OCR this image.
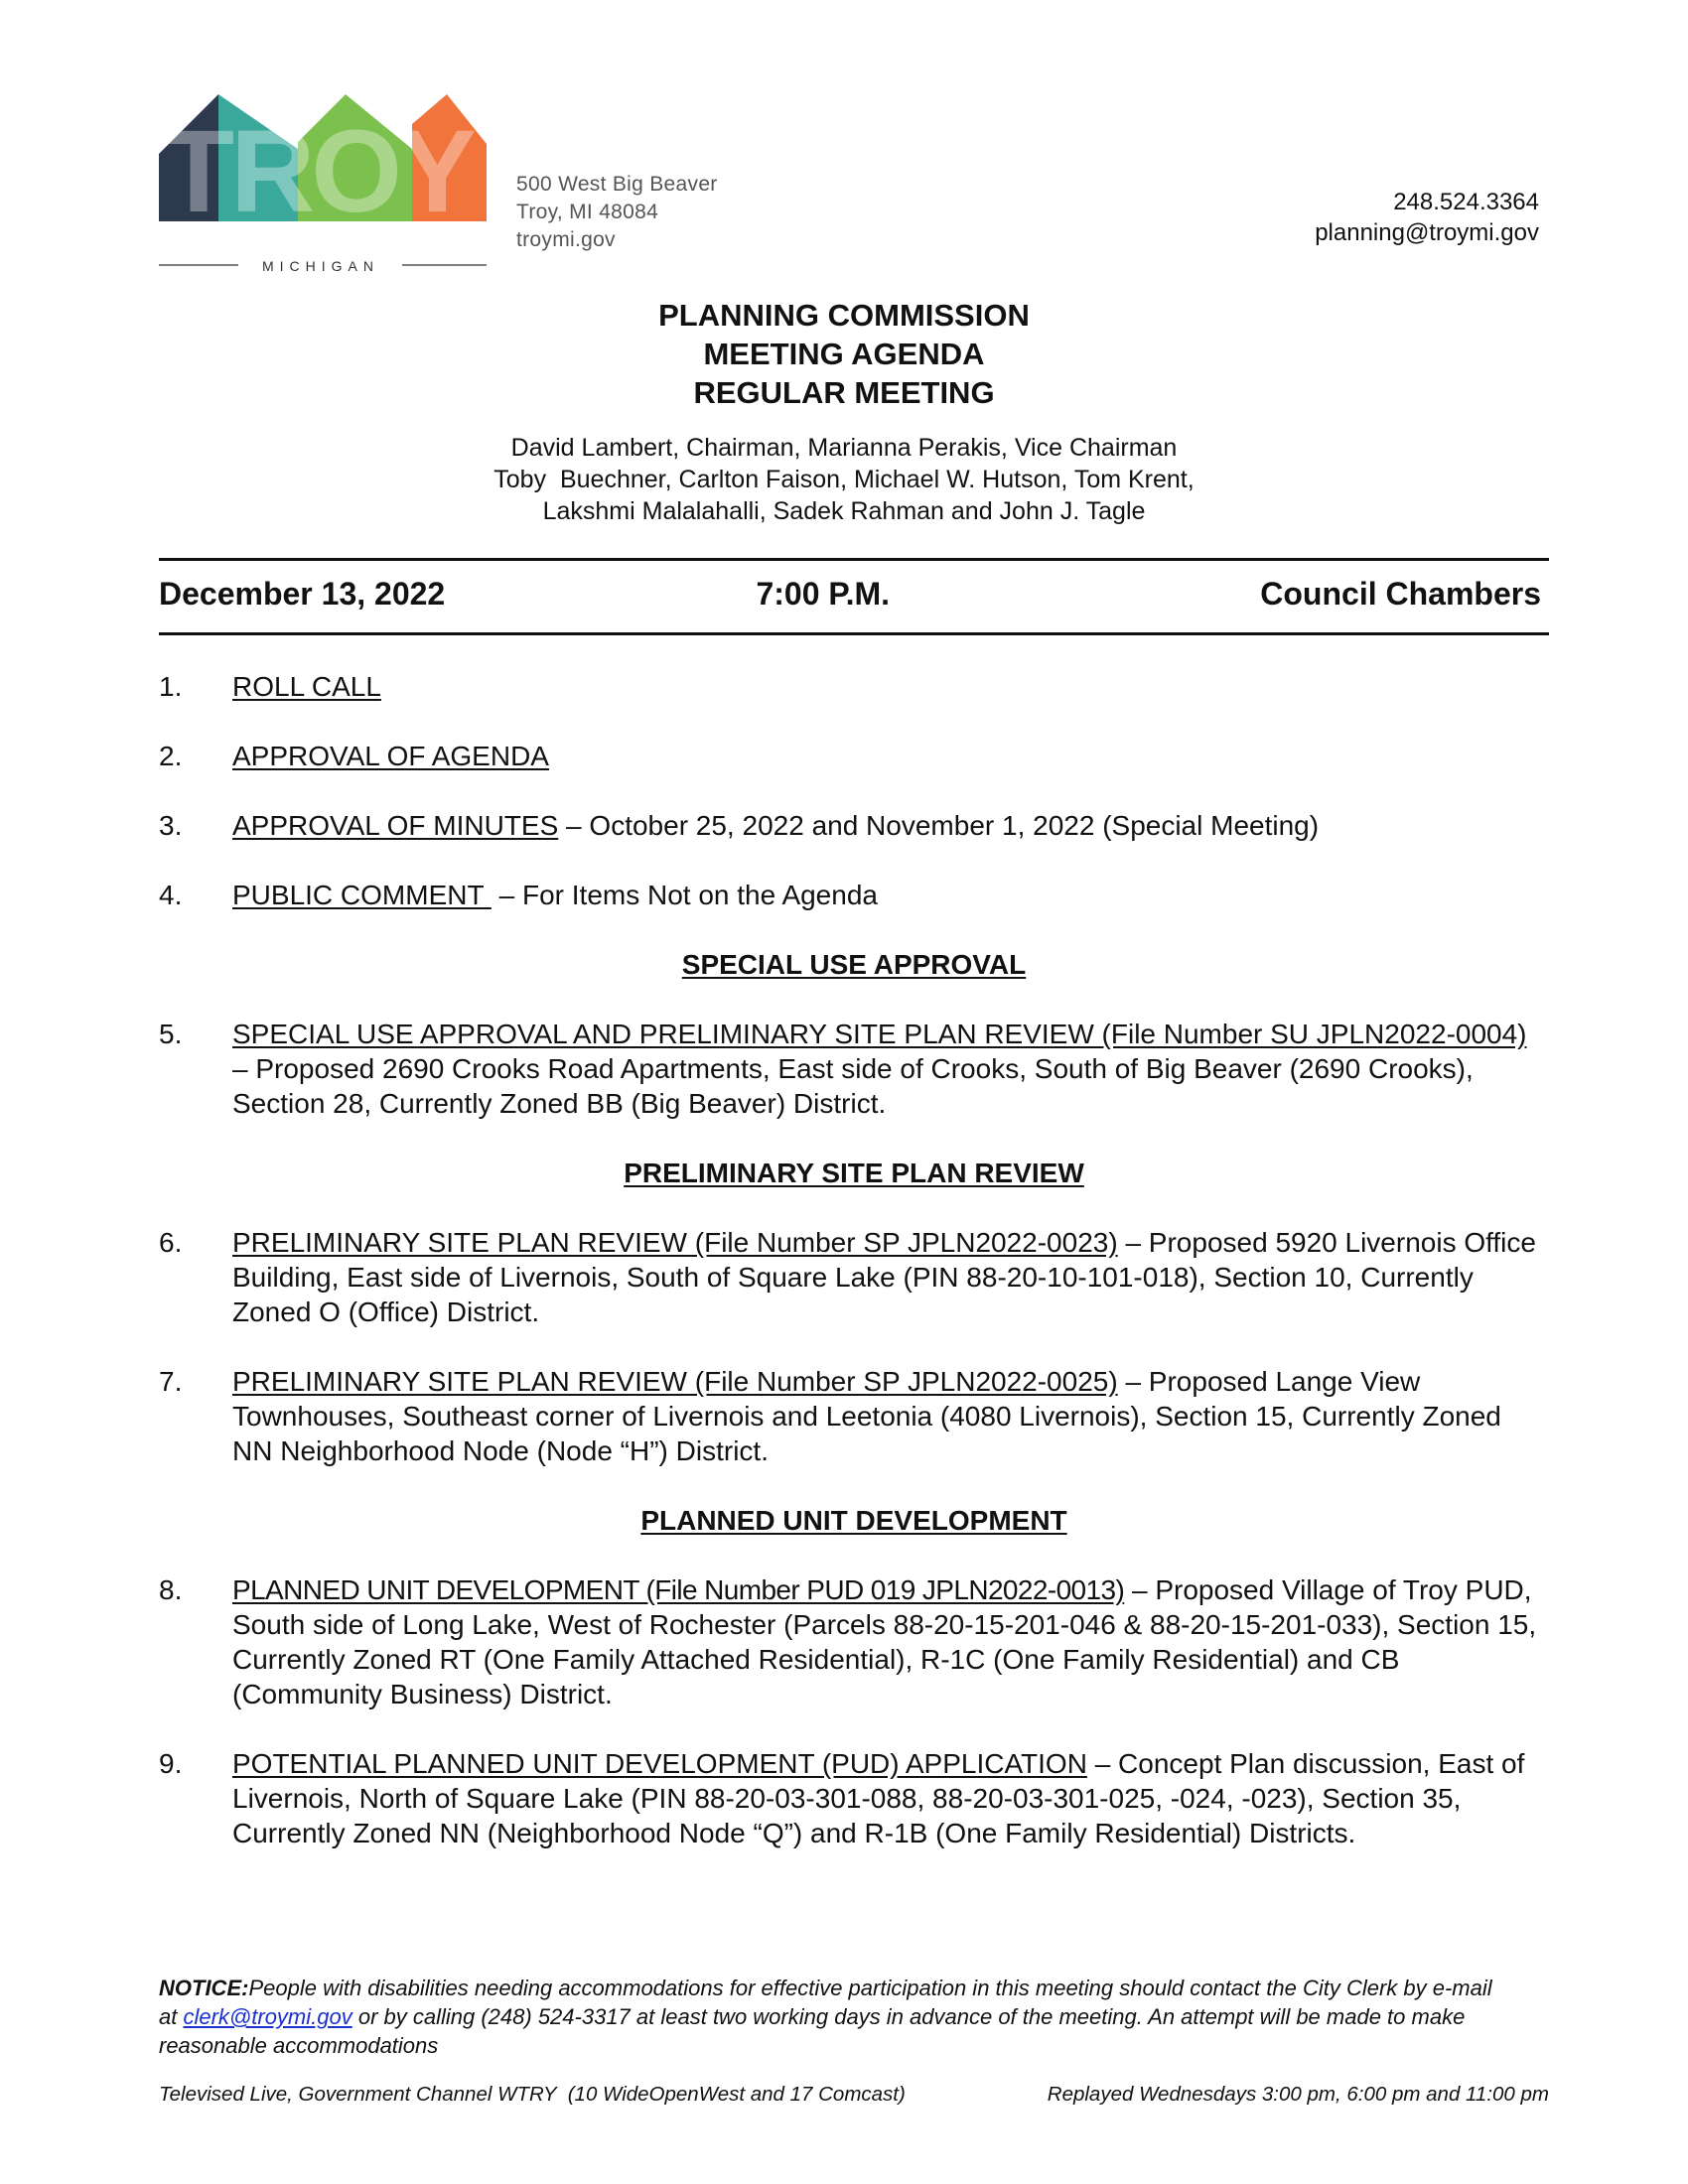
TROY
MICHIGAN
500 West Big Beaver
Troy, MI 48084
troymi.gov
248.524.3364
planning@troymi.gov
PLANNING COMMISSION
MEETING AGENDA
REGULAR MEETING
David Lambert, Chairman, Marianna Perakis, Vice Chairman
Toby  Buechner, Carlton Faison, Michael W. Hutson, Tom Krent,
Lakshmi Malalahalli, Sadek Rahman and John J. Tagle
December 13, 2022	7:00 P.M.	Council Chambers
1.	ROLL CALL
2.	APPROVAL OF AGENDA
3.	APPROVAL OF MINUTES – October 25, 2022 and November 1, 2022 (Special Meeting)
4.	PUBLIC COMMENT  – For Items Not on the Agenda
SPECIAL USE APPROVAL
5.	SPECIAL USE APPROVAL AND PRELIMINARY SITE PLAN REVIEW (File Number SU JPLN2022-0004) – Proposed 2690 Crooks Road Apartments, East side of Crooks, South of Big Beaver (2690 Crooks), Section 28, Currently Zoned BB (Big Beaver) District.
PRELIMINARY SITE PLAN REVIEW
6.	PRELIMINARY SITE PLAN REVIEW (File Number SP JPLN2022-0023) – Proposed 5920 Livernois Office Building, East side of Livernois, South of Square Lake (PIN 88-20-10-101-018), Section 10, Currently Zoned O (Office) District.
7.	PRELIMINARY SITE PLAN REVIEW (File Number SP JPLN2022-0025) – Proposed Lange View Townhouses, Southeast corner of Livernois and Leetonia (4080 Livernois), Section 15, Currently Zoned NN Neighborhood Node (Node “H”) District.
PLANNED UNIT DEVELOPMENT
8.	PLANNED UNIT DEVELOPMENT (File Number PUD 019 JPLN2022-0013) – Proposed Village of Troy PUD, South side of Long Lake, West of Rochester (Parcels 88-20-15-201-046 & 88-20-15-201-033), Section 15, Currently Zoned RT (One Family Attached Residential), R-1C (One Family Residential) and CB (Community Business) District.
9.	POTENTIAL PLANNED UNIT DEVELOPMENT (PUD) APPLICATION – Concept Plan discussion, East of Livernois, North of Square Lake (PIN 88-20-03-301-088, 88-20-03-301-025, -024, -023), Section 35, Currently Zoned NN (Neighborhood Node “Q”) and R-1B (One Family Residential) Districts.
NOTICE:People with disabilities needing accommodations for effective participation in this meeting should contact the City Clerk by e-mail at clerk@troymi.gov or by calling (248) 524-3317 at least two working days in advance of the meeting. An attempt will be made to make reasonable accommodations
Televised Live, Government Channel WTRY  (10 WideOpenWest and 17 Comcast)	Replayed Wednesdays 3:00 pm, 6:00 pm and 11:00 pm
